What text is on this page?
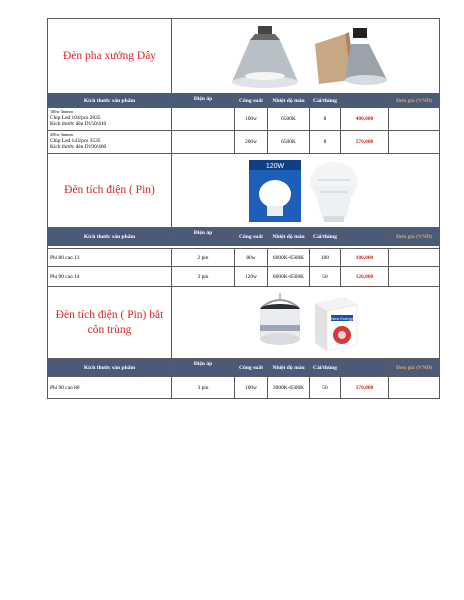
Đèn pha xưởng Dây	
Kích thước sản phẩm	Điện áp	Công suất	Nhiệt độ màu	Cái/thùng		Đơn giá (VNĐ)

100w 3mmm
Chip Led 104/pcs 2835
Kích thước đèn D150/410		100w	6500K	8	400,000	

200w 3mmm
Chip Led 143/pcs 3535
Kích thước đèn D190/460		200w	6500K	8	576,000	
Đèn tích điện ( Pin)	120W					

Kích thước sản phẩm	Điện áp	Công suất	Nhiệt độ màu	Cái/thùng		Đơn giá (VNĐ)

Phi 80 cao 13	2 pin	80w	6000K-6500K	100	106,000	
Phi 90 cao 14	3 pin	120w	6000K-6500K	50	126,000	

Đèn tích điện ( Pin) bắt
côn trùng	New Energy					

Kích thước sản phẩm	Điện áp	Công suất	Nhiệt độ màu	Cái/thùng		Đơn giá (VNĐ)
Phi 90 cao 80	3 pin	100w	3000K-6500K	50	170,000	
